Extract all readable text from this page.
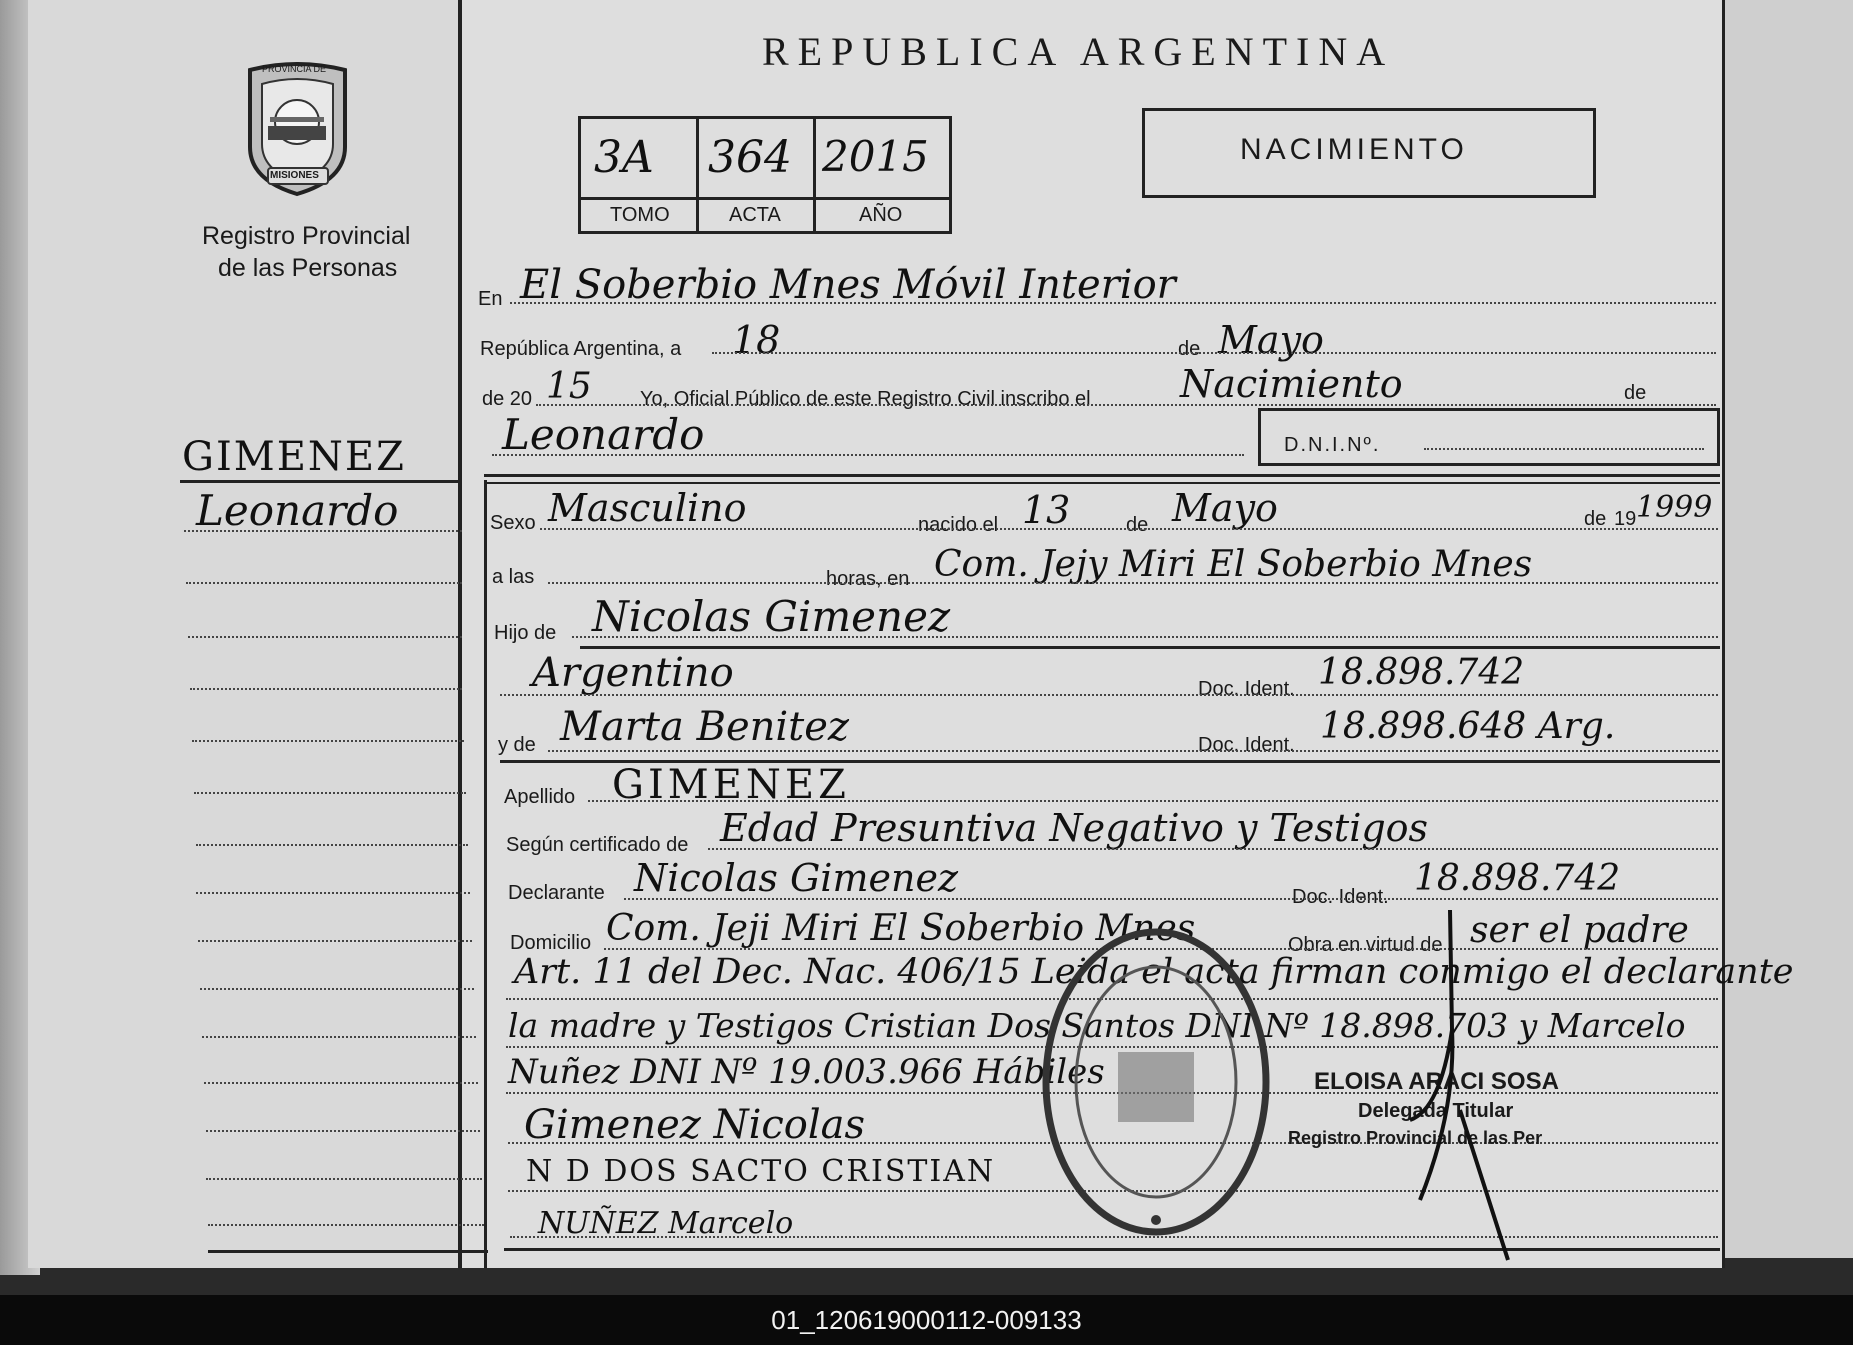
PROVINCIA DE
MISIONES
Registro Provincial
de las Personas
REPUBLICA ARGENTINA
3A 364 2015
TOMO	ACTA	AÑO
NACIMIENTO
GIMENEZ
Leonardo
En El Soberbio Mnes Móvil Interior
República Argentina, a 18	de Mayo
de 20 15 Yo, Oficial Público de este Registro Civil inscribo el Nacimiento	de
Leonardo	D.N.I.Nº.
Sexo Masculino	nacido el 13	de Mayo	de 19 1999
a las	horas, en Com. Jejy Miri El Soberbio Mnes
Hijo de Nicolas Gimenez
Argentino	Doc. Ident. 18.898.742
y de Marta Benitez	Doc. Ident. 18.898.648 Arg.
Apellido GIMENEZ
Según certificado de Edad Presuntiva Negativo y Testigos
Declarante Nicolas Gimenez	Doc. Ident. 18.898.742
Domicilio Com. Jeji Miri El Soberbio Mnes	Obra en virtud de ser el padre
Art. 11 del Dec. Nac. 406/15 Leida el acta firman conmigo el declarante
la madre y Testigos Cristian Dos Santos DNI Nº 18.898.703 y Marcelo
Nuñez DNI Nº 19.003.966 Hábiles
Gimenez Nicolas
N D DOS SACTO CRISTIAN
NUÑEZ Marcelo
ELOISA ARACI SOSA
Delegada Titular
Registro Provincial de las Per
01_120619000112-009133
